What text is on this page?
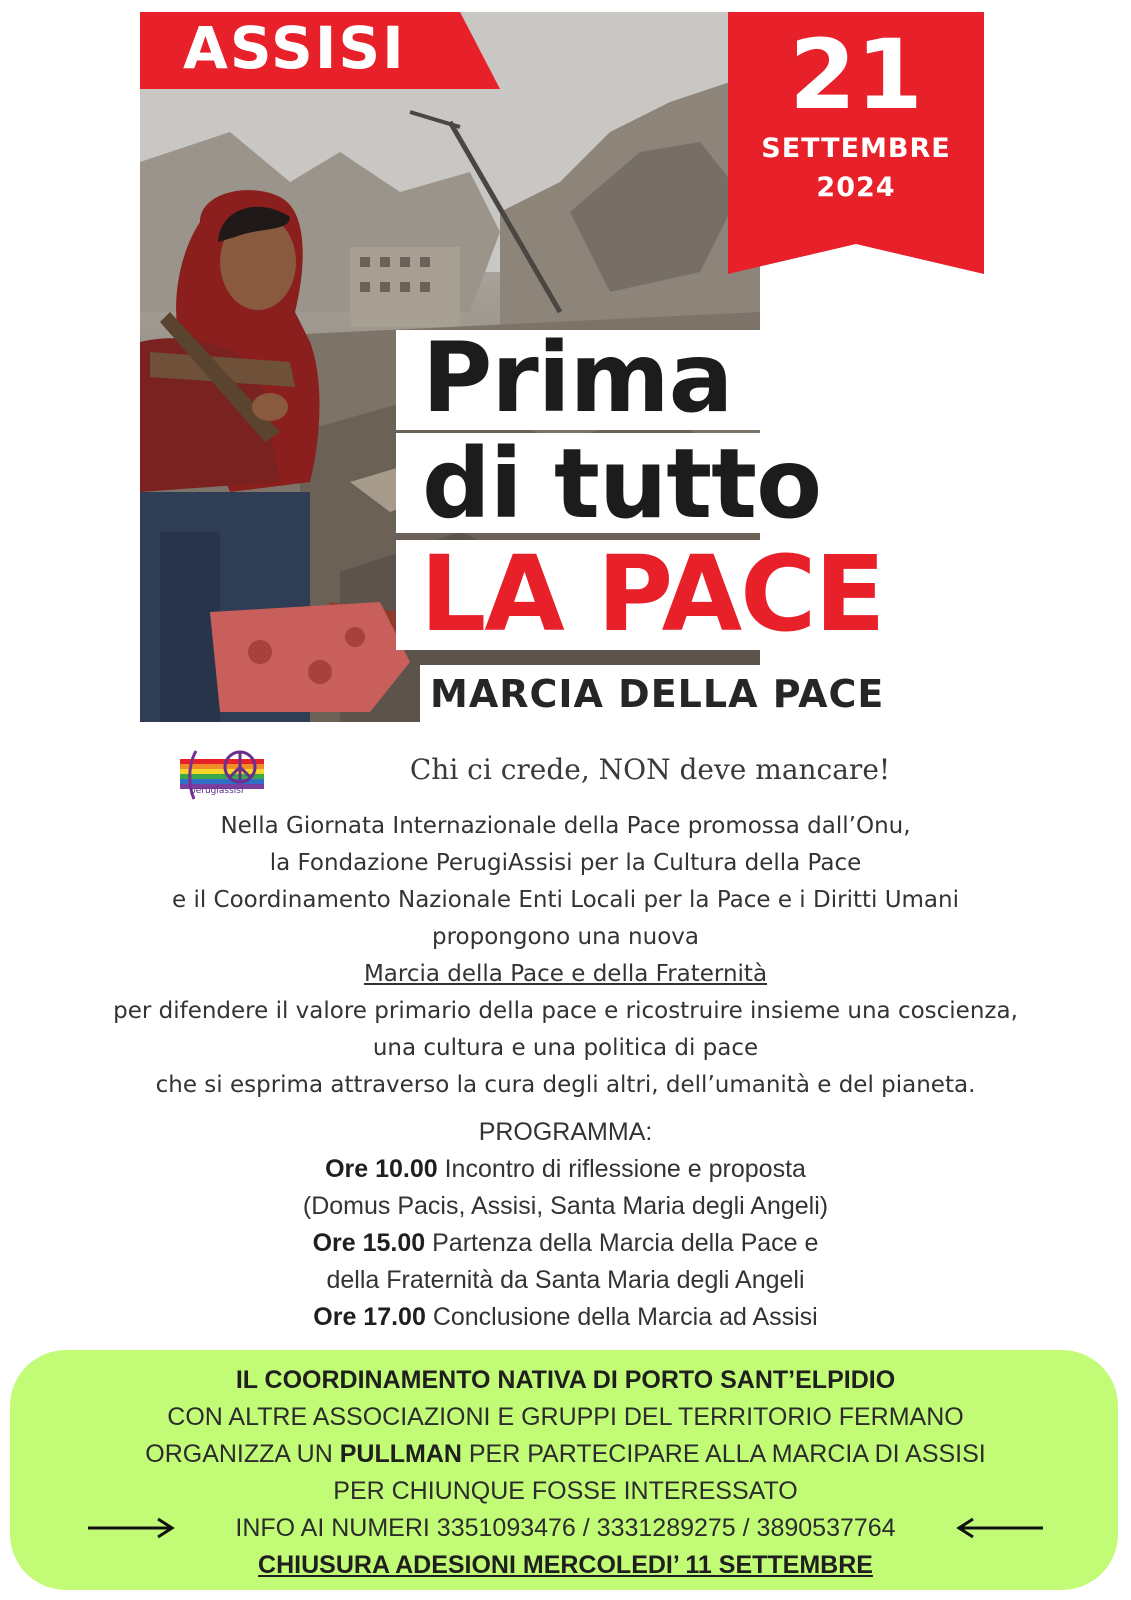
ASSISI	21
SETTEMBRE
2024
Prima
di tutto
LA PACE
MARCIA DELLA PACE
perugiassisi
Chi ci crede, NON deve mancare!
Nella Giornata Internazionale della Pace promossa dall’Onu,
la Fondazione PerugiAssisi per la Cultura della Pace
e il Coordinamento Nazionale Enti Locali per la Pace e i Diritti Umani
propongono una nuova
Marcia della Pace e della Fraternità
per difendere il valore primario della pace e ricostruire insieme una coscienza,
una cultura e una politica di pace
che si esprima attraverso la cura degli altri, dell’umanità e del pianeta.
PROGRAMMA:
Ore 10.00 Incontro di riflessione e proposta
(Domus Pacis, Assisi, Santa Maria degli Angeli)
Ore 15.00 Partenza della Marcia della Pace e
della Fraternità da Santa Maria degli Angeli
Ore 17.00 Conclusione della Marcia ad Assisi
IL COORDINAMENTO NATIVA DI PORTO SANT’ELPIDIO
CON ALTRE ASSOCIAZIONI E GRUPPI DEL TERRITORIO FERMANO
ORGANIZZA UN PULLMAN PER PARTECIPARE ALLA MARCIA DI ASSISI
PER CHIUNQUE FOSSE INTERESSATO
INFO AI NUMERI 3351093476 / 3331289275 / 3890537764
CHIUSURA ADESIONI MERCOLEDI’ 11 SETTEMBRE
